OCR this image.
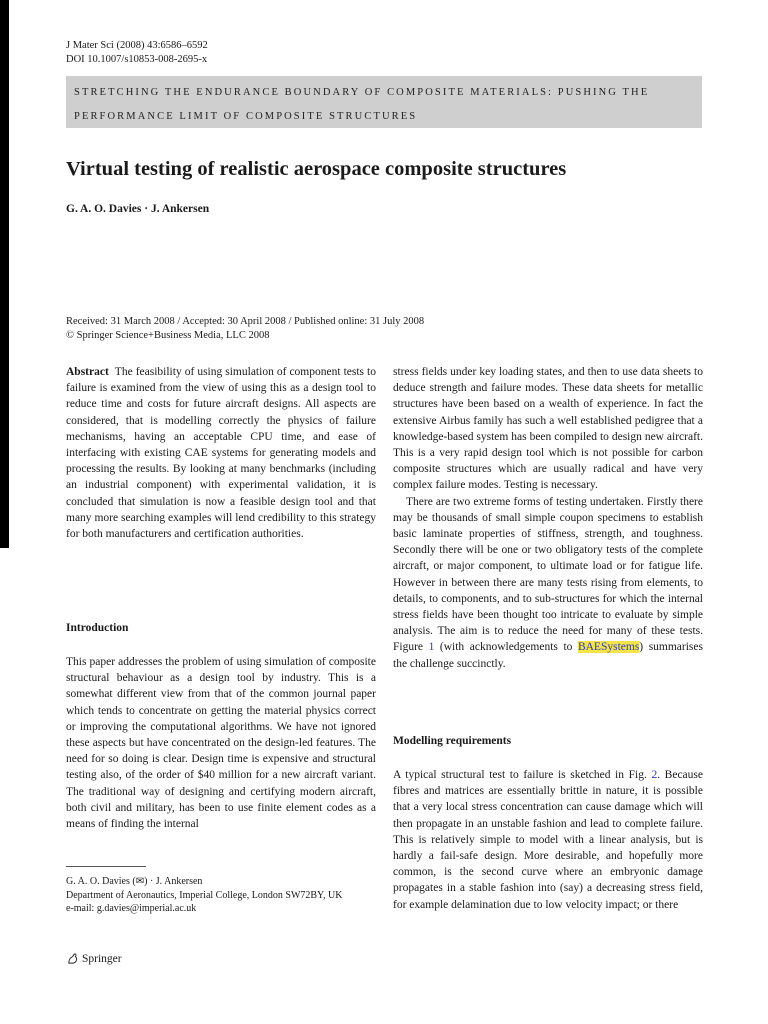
J Mater Sci (2008) 43:6586–6592
DOI 10.1007/s10853-008-2695-x
STRETCHING THE ENDURANCE BOUNDARY OF COMPOSITE MATERIALS: PUSHING THE
PERFORMANCE LIMIT OF COMPOSITE STRUCTURES
Virtual testing of realistic aerospace composite structures
G. A. O. Davies · J. Ankersen
Received: 31 March 2008 / Accepted: 30 April 2008 / Published online: 31 July 2008
© Springer Science+Business Media, LLC 2008

Abstract The feasibility of using simulation of component tests to failure is examined from the view of using this as a design tool to reduce time and costs for future aircraft designs. All aspects are considered, that is modelling correctly the physics of failure mechanisms, having an acceptable CPU time, and ease of interfacing with existing CAE systems for generating models and processing the results. By looking at many benchmarks (including an industrial component) with experimental validation, it is concluded that simulation is now a feasible design tool and that many more searching examples will lend credibility to this strategy for both manufacturers and certification authorities.

Introduction

This paper addresses the problem of using simulation of composite structural behaviour as a design tool by industry. This is a somewhat different view from that of the common journal paper which tends to concentrate on getting the material physics correct or improving the computational algorithms. We have not ignored these aspects but have concentrated on the design-led features. The need for so doing is clear. Design time is expensive and structural testing also, of the order of $40 million for a new aircraft variant. The traditional way of designing and certifying modern aircraft, both civil and military, has been to use finite element codes as a means of finding the internal

stress fields under key loading states, and then to use data sheets to deduce strength and failure modes. These data sheets for metallic structures have been based on a wealth of experience. In fact the extensive Airbus family has such a well established pedigree that a knowledge-based system has been compiled to design new aircraft. This is a very rapid design tool which is not possible for carbon composite structures which are usually radical and have very complex failure modes. Testing is necessary.

There are two extreme forms of testing undertaken. Firstly there may be thousands of small simple coupon specimens to establish basic laminate properties of stiffness, strength, and toughness. Secondly there will be one or two obligatory tests of the complete aircraft, or major component, to ultimate load or for fatigue life. However in between there are many tests rising from elements, to details, to components, and to sub-structures for which the internal stress fields have been thought too intricate to evaluate by simple analysis. The aim is to reduce the need for many of these tests. Figure 1 (with acknowledgements to BAESystems) summarises the challenge succinctly.

Modelling requirements

A typical structural test to failure is sketched in Fig. 2. Because fibres and matrices are essentially brittle in nature, it is possible that a very local stress concentration can cause damage which will then propagate in an unstable fashion and lead to complete failure. This is relatively simple to model with a linear analysis, but is hardly a fail-safe design. More desirable, and hopefully more common, is the second curve where an embryonic damage propagates in a stable fashion into (say) a decreasing stress field, for example delamination due to low velocity impact; or there

G. A. O. Davies (✉) · J. Ankersen
Department of Aeronautics, Imperial College, London SW72BY, UK
e-mail: g.davies@imperial.ac.uk
Springer
